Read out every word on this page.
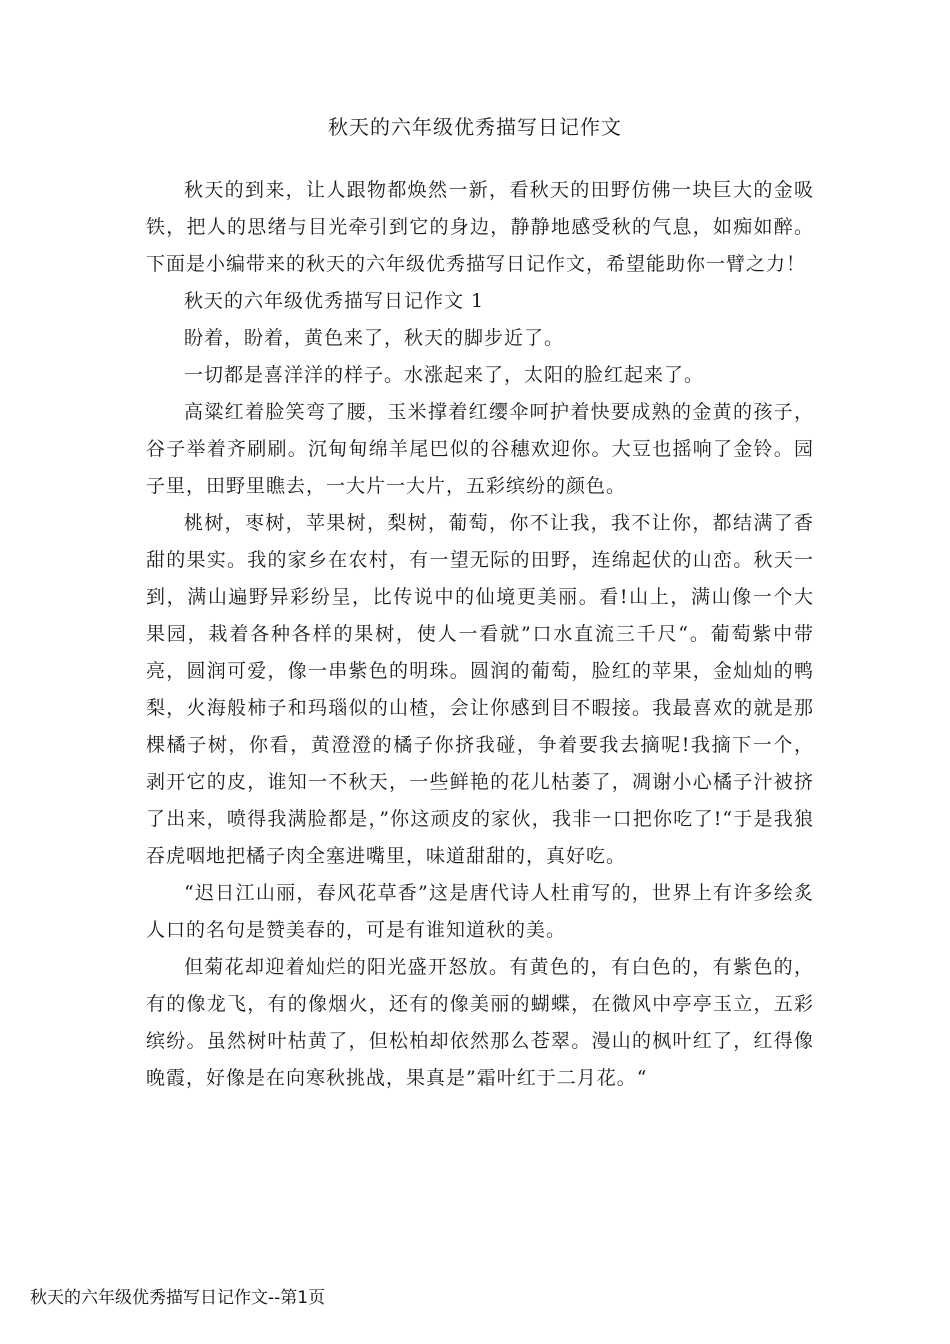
秋天的六年级优秀描写日记作文

秋天的到来，让人跟物都焕然一新，看秋天的田野仿佛一块巨大的金吸铁，把人的思绪与目光牵引到它的身边，静静地感受秋的气息，如痴如醉。下面是小编带来的秋天的六年级优秀描写日记作文，希望能助你一臂之力！

秋天的六年级优秀描写日记作文 1

盼着，盼着，黄色来了，秋天的脚步近了。

一切都是喜洋洋的样子。水涨起来了，太阳的脸红起来了。

高粱红着脸笑弯了腰，玉米撑着红缨伞呵护着快要成熟的金黄的孩子，谷子举着齐刷刷。沉甸甸绵羊尾巴似的谷穗欢迎你。大豆也摇响了金铃。园子里，田野里瞧去，一大片一大片，五彩缤纷的颜色。

桃树，枣树，苹果树，梨树，葡萄，你不让我，我不让你，都结满了香甜的果实。我的家乡在农村，有一望无际的田野，连绵起伏的山峦。秋天一到，满山遍野异彩纷呈，比传说中的仙境更美丽。看!山上，满山像一个大果园，栽着各种各样的果树，使人一看就”口水直流三千尺“。葡萄紫中带亮，圆润可爱，像一串紫色的明珠。圆润的葡萄，脸红的苹果，金灿灿的鸭梨，火海般柿子和玛瑙似的山楂，会让你感到目不暇接。我最喜欢的就是那棵橘子树，你看，黄澄澄的橘子你挤我碰，争着要我去摘呢!我摘下一个，剥开它的皮，谁知一不秋天，一些鲜艳的花儿枯萎了，凋谢小心橘子汁被挤了出来，喷得我满脸都是，”你这顽皮的家伙，我非一口把你吃了!“于是我狼吞虎咽地把橘子肉全塞进嘴里，味道甜甜的，真好吃。

“迟日江山丽，春风花草香”这是唐代诗人杜甫写的，世界上有许多绘炙人口的名句是赞美春的，可是有谁知道秋的美。

但菊花却迎着灿烂的阳光盛开怒放。有黄色的，有白色的，有紫色的，有的像龙飞，有的像烟火，还有的像美丽的蝴蝶，在微风中亭亭玉立，五彩缤纷。虽然树叶枯黄了，但松柏却依然那么苍翠。漫山的枫叶红了，红得像晚霞，好像是在向寒秋挑战，果真是”霜叶红于二月花。“

秋天的六年级优秀描写日记作文--第1页
